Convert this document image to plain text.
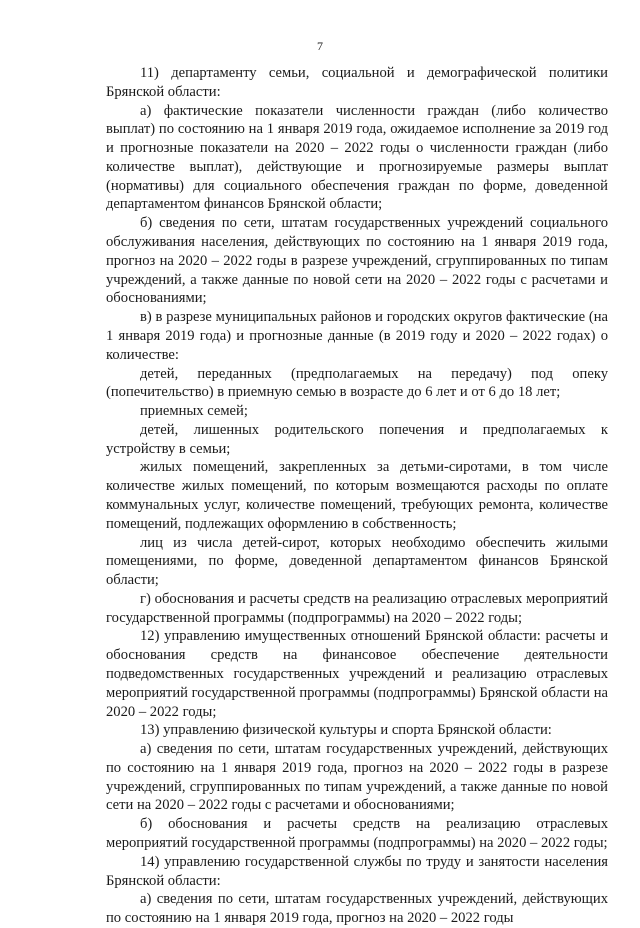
7

11) департаменту семьи, социальной и демографической политики Брянской области:

а) фактические показатели численности граждан (либо количество выплат) по состоянию на 1 января 2019 года, ожидаемое исполнение за 2019 год и прогнозные показатели на 2020 – 2022 годы о численности граждан (либо количестве выплат), действующие и прогнозируемые размеры выплат (нормативы) для социального обеспечения граждан по форме, доведенной департаментом финансов Брянской области;

б) сведения по сети, штатам государственных учреждений социального обслуживания населения, действующих по состоянию на 1 января 2019 года, прогноз на 2020 – 2022 годы в разрезе учреждений, сгруппированных по типам учреждений, а также данные по новой сети на 2020 – 2022 годы с расчетами и обоснованиями;

в) в разрезе муниципальных районов и городских округов фактические (на 1 января 2019 года) и прогнозные данные (в 2019 году и 2020 – 2022 годах) о количестве:

детей, переданных (предполагаемых на передачу) под опеку (попечительство) в приемную семью в возрасте до 6 лет и от 6 до 18 лет;

приемных семей;

детей, лишенных родительского попечения и предполагаемых к устройству в семьи;

жилых помещений, закрепленных за детьми-сиротами, в том числе количестве жилых помещений, по которым возмещаются расходы по оплате коммунальных услуг, количестве помещений, требующих ремонта, количестве помещений, подлежащих оформлению в собственность;

лиц из числа детей-сирот, которых необходимо обеспечить жилыми помещениями, по форме, доведенной департаментом финансов Брянской области;

г) обоснования и расчеты средств на реализацию отраслевых мероприятий государственной программы (подпрограммы) на 2020 – 2022 годы;

12) управлению имущественных отношений Брянской области: расчеты и обоснования средств на финансовое обеспечение деятельности подведомственных государственных учреждений и реализацию отраслевых мероприятий государственной программы (подпрограммы) Брянской области на 2020 – 2022 годы;

13) управлению физической культуры и спорта Брянской области:

а) сведения по сети, штатам государственных учреждений, действующих по состоянию на 1 января 2019 года, прогноз на 2020 – 2022 годы в разрезе учреждений, сгруппированных по типам учреждений, а также данные по новой сети на 2020 – 2022 годы с расчетами и обоснованиями;

б) обоснования и расчеты средств на реализацию отраслевых мероприятий государственной программы (подпрограммы) на 2020 – 2022 годы;

14) управлению государственной службы по труду и занятости населения Брянской области:

а) сведения по сети, штатам государственных учреждений, действующих по состоянию на 1 января 2019 года, прогноз на 2020 – 2022 годы
